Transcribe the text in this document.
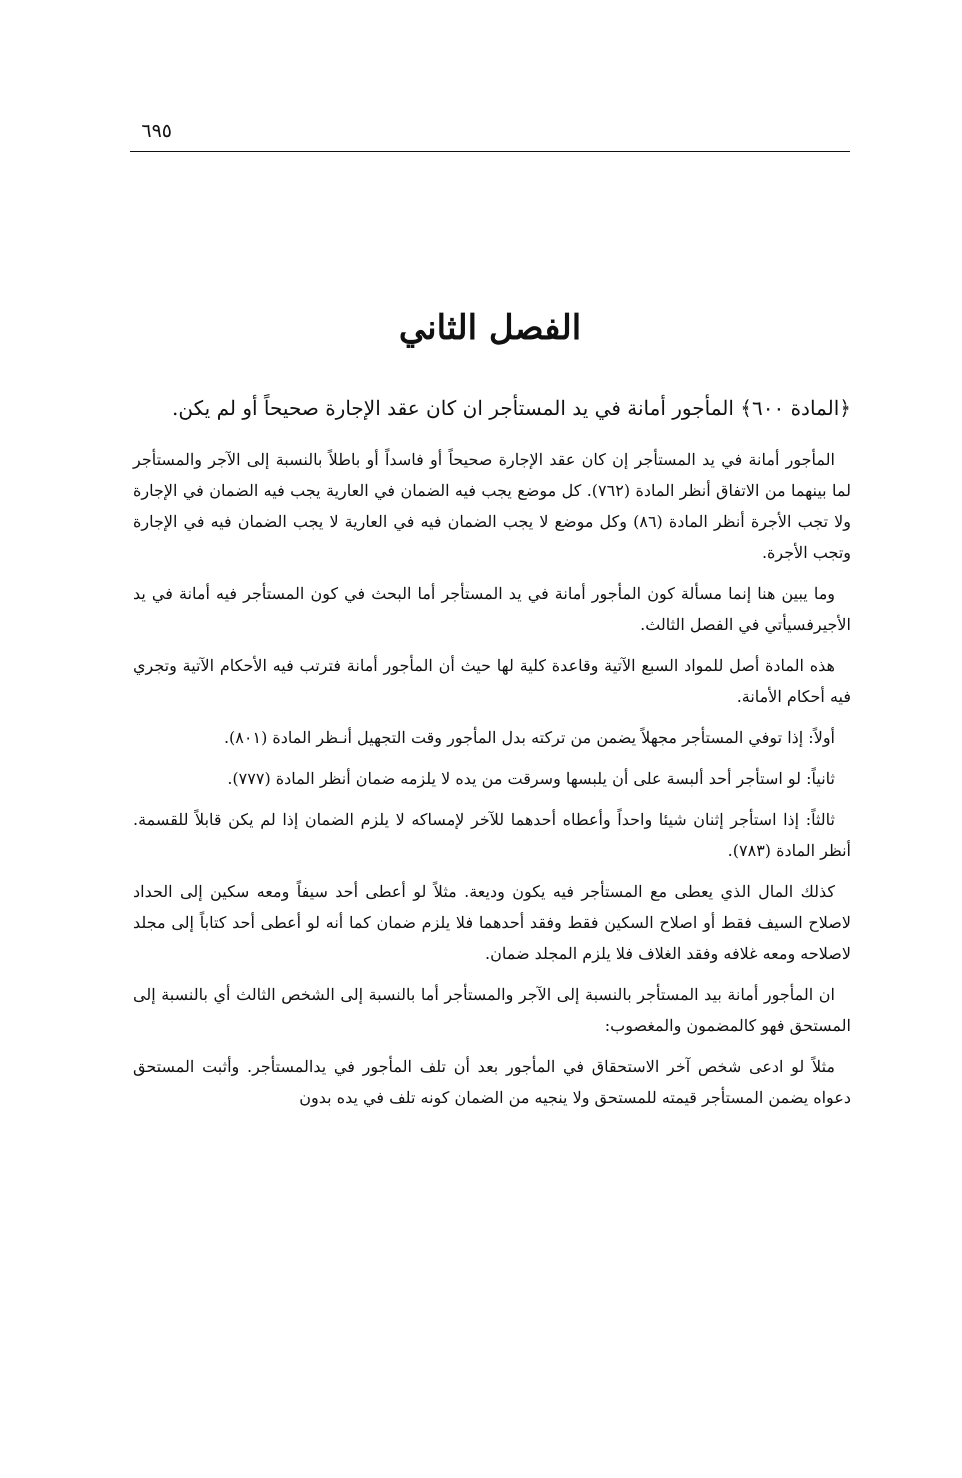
٦٩٥
الفصل الثاني

﴿المادة ٦٠٠﴾ المأجور أمانة في يد المستأجر ان كان عقد الإجارة صحيحاً أو لم يكن.

المأجور أمانة في يد المستأجر إن كان عقد الإجارة صحيحاً أو فاسداً أو باطلاً بالنسبة إلى الآجر والمستأجر لما بينهما من الاتفاق أنظر المادة (٧٦٢). كل موضع يجب فيه الضمان في العارية يجب فيه الضمان في الإجارة ولا تجب الأجرة أنظر المادة (٨٦) وكل موضع لا يجب الضمان فيه في العارية لا يجب الضمان فيه في الإجارة وتجب الأجرة.

وما يبين هنا إنما مسألة كون المأجور أمانة في يد المستأجر أما البحث في كون المستأجر فيه أمانة في يد الأجيرفسيأتي في الفصل الثالث.

هذه المادة أصل للمواد السبع الآتية وقاعدة كلية لها حيث أن المأجور أمانة فترتب فيه الأحكام الآتية وتجري فيه أحكام الأمانة.

أولاً: إذا توفي المستأجر مجهلاً يضمن من تركته بدل المأجور وقت التجهيل أنـظر المادة (٨٠١).

ثانياً: لو استأجر أحد ألبسة على أن يلبسها وسرقت من يده لا يلزمه ضمان أنظر المادة (٧٧٧).

ثالثاً: إذا استأجر إثنان شيئا واحداً وأعطاه أحدهما للآخر لإمساكه لا يلزم الضمان إذا لم يكن قابلاً للقسمة. أنظر المادة (٧٨٣).

كذلك المال الذي يعطى مع المستأجر فيه يكون وديعة. مثلاً لو أعطى أحد سيفاً ومعه سكين إلى الحداد لاصلاح السيف فقط أو اصلاح السكين فقط وفقد أحدهما فلا يلزم ضمان كما أنه لو أعطى أحد كتاباً إلى مجلد لاصلاحه ومعه غلافه وفقد الغلاف فلا يلزم المجلد ضمان.

ان المأجور أمانة بيد المستأجر بالنسبة إلى الآجر والمستأجر أما بالنسبة إلى الشخص الثالث أي بالنسبة إلى المستحق فهو كالمضمون والمغصوب:

مثلاً لو ادعى شخص آخر الاستحقاق في المأجور بعد أن تلف المأجور في يدالمستأجر. وأثبت المستحق دعواه يضمن المستأجر قيمته للمستحق ولا ينجيه من الضمان كونه تلف في يده بدون
